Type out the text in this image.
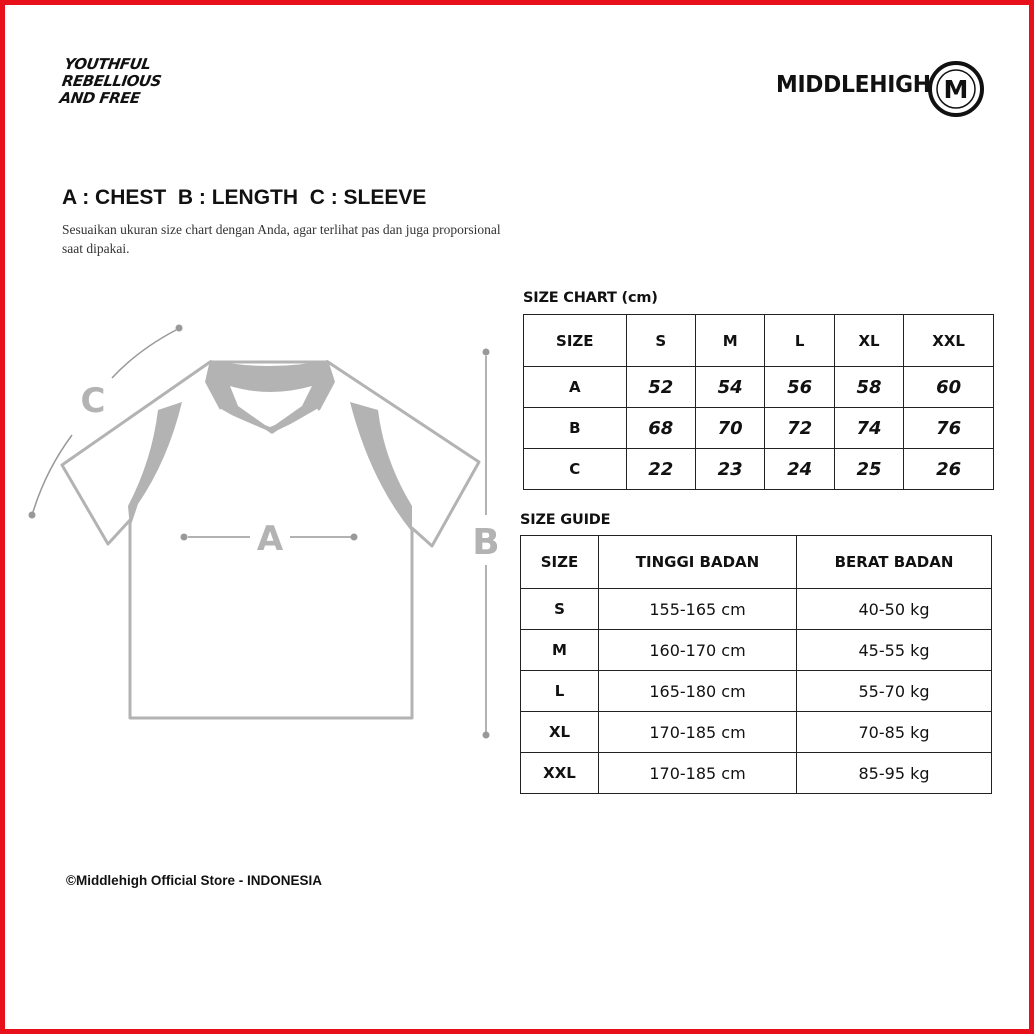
YOUTHFUL
REBELLIOUS
AND FREE	MIDDLEHIGH M
A : CHEST  B : LENGTH  C : SLEEVE
Sesuaikan ukuran size chart dengan Anda, agar terlihat pas dan juga proporsional saat dipakai.
A	B
C
SIZE CHART (cm)
SIZE	S	M	L	XL	XXL
A	52	54	56	58	60
B	68	70	72	74	76
C	22	23	24	25	26
SIZE GUIDE
SIZE	TINGGI BADAN	BERAT BADAN
S	155-165 cm	40-50 kg
M	160-170 cm	45-55 kg
L	165-180 cm	55-70 kg
XL	170-185 cm	70-85 kg
XXL	170-185 cm	85-95 kg
©Middlehigh Official Store - INDONESIA
